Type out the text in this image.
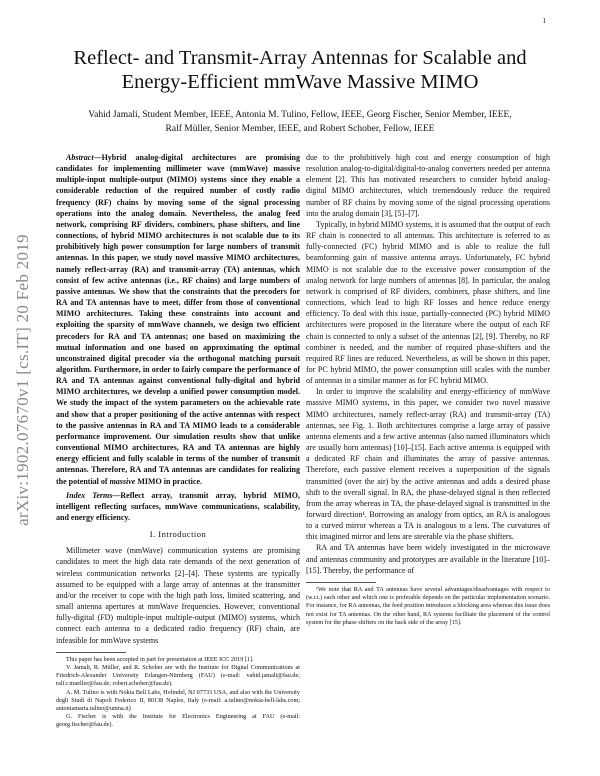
1
arXiv:1902.07670v1 [cs.IT] 20 Feb 2019
Reflect- and Transmit-Array Antennas for Scalable and Energy-Efficient mmWave Massive MIMO
Vahid Jamali, Student Member, IEEE, Antonia M. Tulino, Fellow, IEEE, Georg Fischer, Senior Member, IEEE,
Ralf Müller, Senior Member, IEEE, and Robert Schober, Fellow, IEEE

Abstract—Hybrid analog-digital architectures are promising candidates for implementing millimeter wave (mmWave) massive multiple-input multiple-output (MIMO) systems since they enable a considerable reduction of the required number of costly radio frequency (RF) chains by moving some of the signal processing operations into the analog domain. Nevertheless, the analog feed network, comprising RF dividers, combiners, phase shifters, and line connections, of hybrid MIMO architectures is not scalable due to its prohibitively high power consumption for large numbers of transmit antennas. In this paper, we study novel massive MIMO architectures, namely reflect-array (RA) and transmit-array (TA) antennas, which consist of few active antennas (i.e., RF chains) and large numbers of passive antennas. We show that the constraints that the precoders for RA and TA antennas have to meet, differ from those of conventional MIMO architectures. Taking these constraints into account and exploiting the sparsity of mmWave channels, we design two efficient precoders for RA and TA antennas; one based on maximizing the mutual information and one based on approximating the optimal unconstrained digital precoder via the orthogonal matching pursuit algorithm. Furthermore, in order to fairly compare the performance of RA and TA antennas against conventional fully-digital and hybrid MIMO architectures, we develop a unified power consumption model. We study the impact of the system parameters on the achievable rate and show that a proper positioning of the active antennas with respect to the passive antennas in RA and TA MIMO leads to a considerable performance improvement. Our simulation results show that unlike conventional MIMO architectures, RA and TA antennas are highly energy efficient and fully scalable in terms of the number of transmit antennas. Therefore, RA and TA antennas are candidates for realizing the potential of massive MIMO in practice.

Index Terms—Reflect array, transmit array, hybrid MIMO, intelligent reflecting surfaces, mmWave communications, scalability, and energy efficiency.

I. Introduction

Millimeter wave (mmWave) communication systems are promising candidates to meet the high data rate demands of the next generation of wireless communication networks [2]–[4]. These systems are typically assumed to be equipped with a large array of antennas at the transmitter and/or the receiver to cope with the high path loss, limited scattering, and small antenna apertures at mmWave frequencies. However, conventional fully-digital (FD) multiple-input multiple-output (MIMO) systems, which connect each antenna to a dedicated radio frequency (RF) chain, are infeasible for mmWave systems

This paper has been accepted in part for presentation at IEEE ICC 2019 [1].

V. Jamali, R. Müller, and R. Schober are with the Institute for Digital Communications at Friedrich-Alexander University Erlangen-Nürnberg (FAU) (e-mail: vahid.jamali@fau.de; ralf.r.mueller@fau.de; robert.schober@fau.de).

A. M. Tulino is with Nokia Bell Labs, Holmdel, NJ 07733 USA, and also with the University degli Studi di Napoli Federico II, 80138 Naples, Italy (e-mail: a.tulino@nokia-bell-labs.com; antoniamaria.tulino@unina.it)

G. Fischer is with the Institute for Electronics Engineering at FAU (e-mail: georg.fischer@fau.de).

due to the prohibitively high cost and energy consumption of high resolution analog-to-digital/digital-to-analog converters needed per antenna element [2]. This has motivated researchers to consider hybrid analog-digital MIMO architectures, which tremendously reduce the required number of RF chains by moving some of the signal processing operations into the analog domain [3], [5]–[7].

Typically, in hybrid MIMO systems, it is assumed that the output of each RF chain is connected to all antennas. This architecture is referred to as fully-connected (FC) hybrid MIMO and is able to realize the full beamforming gain of massive antenna arrays. Unfortunately, FC hybrid MIMO is not scalable due to the excessive power consumption of the analog network for large numbers of antennas [8]. In particular, the analog network is comprised of RF dividers, combiners, phase shifters, and line connections, which lead to high RF losses and hence reduce energy efficiency. To deal with this issue, partially-connected (PC) hybrid MIMO architectures were proposed in the literature where the output of each RF chain is connected to only a subset of the antennas [2], [9]. Thereby, no RF combiner is needed, and the number of required phase-shifters and the required RF lines are reduced. Nevertheless, as will be shown in this paper, for PC hybrid MIMO, the power consumption still scales with the number of antennas in a similar manner as for FC hybrid MIMO.

In order to improve the scalability and energy-efficiency of mmWave massive MIMO systems, in this paper, we consider two novel massive MIMO architectures, namely reflect-array (RA) and transmit-array (TA) antennas, see Fig. 1. Both architectures comprise a large array of passive antenna elements and a few active antennas (also named illuminators which are usually horn antennas) [10]–[15]. Each active antenna is equipped with a dedicated RF chain and illuminates the array of passive antennas. Therefore, each passive element receives a superposition of the signals transmitted (over the air) by the active antennas and adds a desired phase shift to the overall signal. In RA, the phase-delayed signal is then reflected from the array whereas in TA, the phase-delayed signal is transmitted in the forward direction¹. Borrowing an analogy from optics, an RA is analogous to a curved mirror whereas a TA is analogous to a lens. The curvatures of this imagined mirror and lens are steerable via the phase shifters.

RA and TA antennas have been widely investigated in the microwave and antennas community and prototypes are available in the literature [10]–[15]. Thereby, the performance of

¹We note that RA and TA antennas have several advantages/disadvantages with respect to (w.r.t.) each other and which one is preferable depends on the particular implementation scenario. For instance, for RA antennas, the feed position introduces a blocking area whereas this issue does not exist for TA antennas. On the other hand, RA systems facilitate the placement of the control system for the phase shifters on the back side of the array [15].
